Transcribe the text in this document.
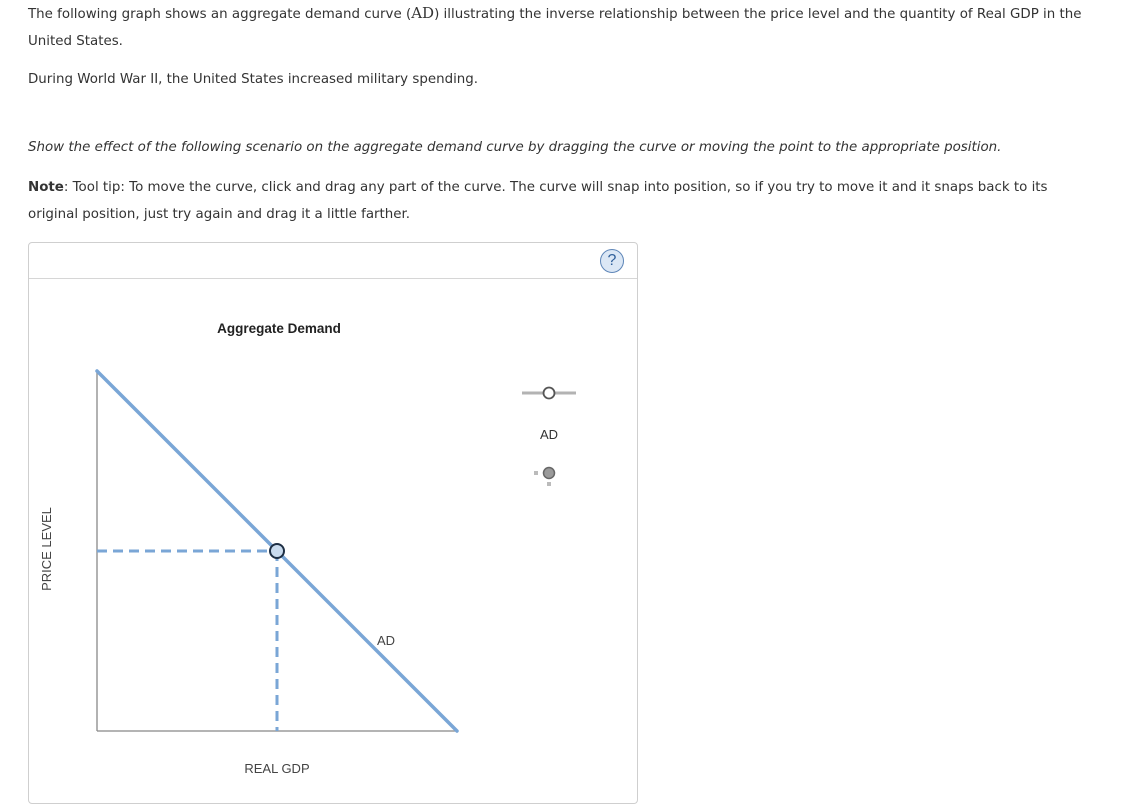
The following graph shows an aggregate demand curve (AD) illustrating the inverse relationship between the price level and the quantity of Real GDP in the United States.

During World War II, the United States increased military spending.

Show the effect of the following scenario on the aggregate demand curve by dragging the curve or moving the point to the appropriate position.

Note: Tool tip: To move the curve, click and drag any part of the curve. The curve will snap into position, so if you try to move it and it snaps back to its original position, just try again and drag it a little farther.

?
Aggregate Demand
AD
REAL GDP
PRICE LEVEL
AD
